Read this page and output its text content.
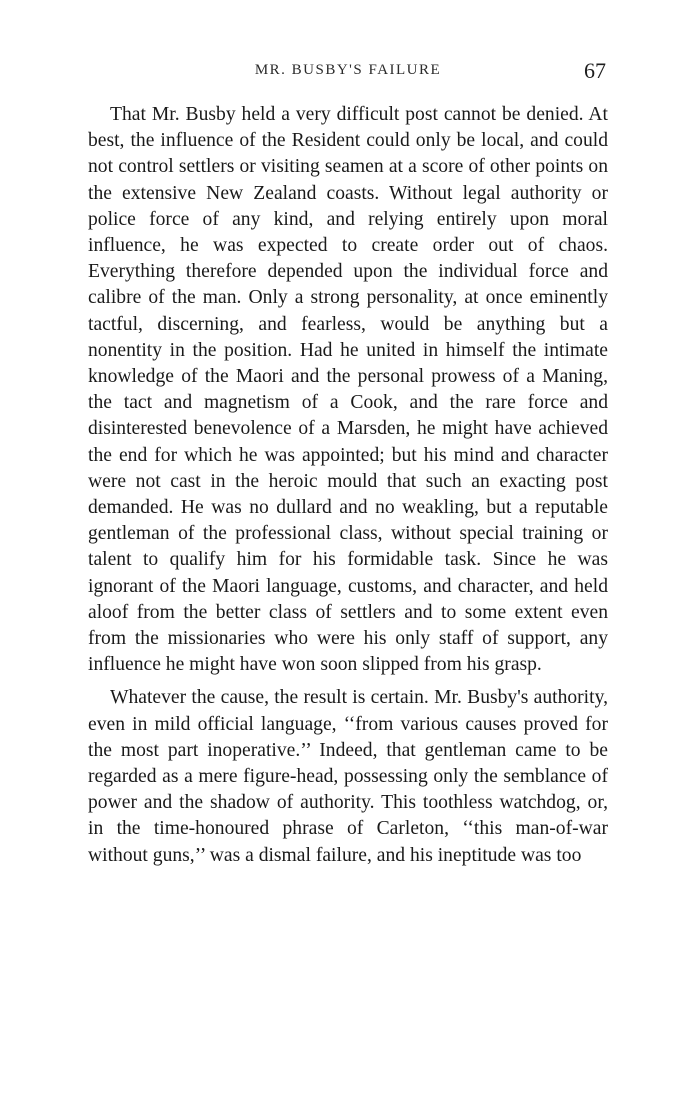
MR. BUSBY'S FAILURE	67

That Mr. Busby held a very difficult post cannot be denied. At best, the influence of the Resident could only be local, and could not control settlers or visiting seamen at a score of other points on the extensive New Zealand coasts. Without legal authority or police force of any kind, and relying entirely upon moral influence, he was expected to create order out of chaos. Everything therefore depended upon the individual force and calibre of the man. Only a strong personality, at once eminently tactful, discerning, and fearless, would be anything but a nonentity in the position. Had he united in himself the intimate knowledge of the Maori and the personal prowess of a Maning, the tact and magnetism of a Cook, and the rare force and disinterested benevolence of a Marsden, he might have achieved the end for which he was appointed; but his mind and character were not cast in the heroic mould that such an exacting post demanded. He was no dullard and no weakling, but a reputable gentleman of the professional class, without special training or talent to qualify him for his formidable task. Since he was ignorant of the Maori language, customs, and character, and held aloof from the better class of settlers and to some extent even from the missionaries who were his only staff of support, any influence he might have won soon slipped from his grasp.

Whatever the cause, the result is certain. Mr. Busby's authority, even in mild official language, ‘‘from various causes proved for the most part inoperative.’’ Indeed, that gentleman came to be regarded as a mere figure-head, possessing only the semblance of power and the shadow of authority. This toothless watchdog, or, in the time-honoured phrase of Carleton, ‘‘this man-of-war without guns,’’ was a dismal failure, and his ineptitude was too
